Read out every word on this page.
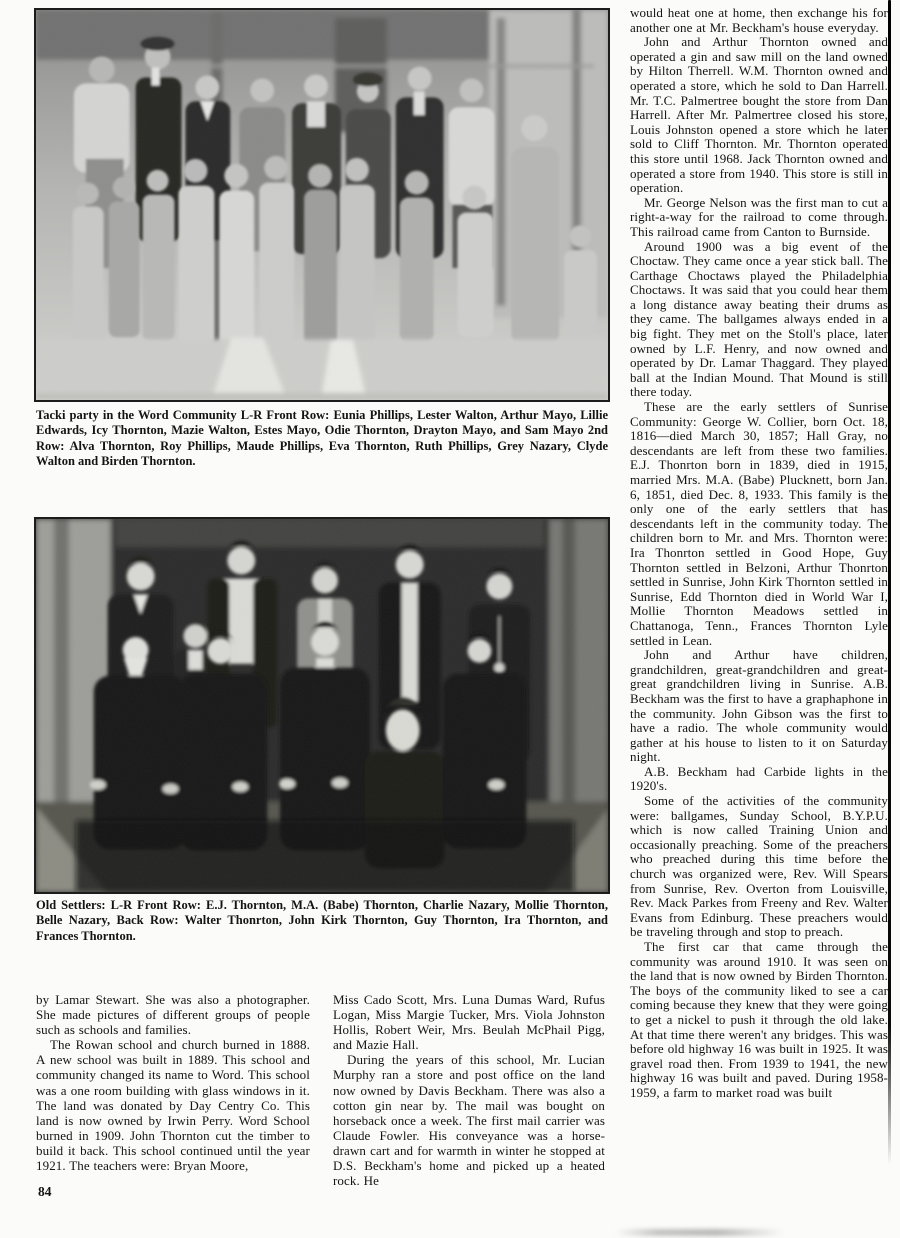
Tacki party in the Word Community L-R Front Row: Eunia Phillips, Lester Walton, Arthur Mayo, Lillie Edwards, Icy Thornton, Mazie Walton, Estes Mayo, Odie Thornton, Drayton Mayo, and Sam Mayo 2nd Row: Alva Thornton, Roy Phillips, Maude Phillips, Eva Thornton, Ruth Phillips, Grey Nazary, Clyde Walton and Birden Thornton.

Old Settlers: L-R Front Row: E.J. Thornton, M.A. (Babe) Thornton, Charlie Nazary, Mollie Thornton, Belle Nazary, Back Row: Walter Thonrton, John Kirk Thornton, Guy Thornton, Ira Thornton, and Frances Thornton.

by Lamar Stewart. She was also a photographer. She made pictures of different groups of people such as schools and families.

The Rowan school and church burned in 1888. A new school was built in 1889. This school and community changed its name to Word. This school was a one room building with glass windows in it. The land was donated by Day Centry Co. This land is now owned by Irwin Perry. Word School burned in 1909. John Thornton cut the timber to build it back. This school continued until the year 1921. The teachers were: Bryan Moore,

Miss Cado Scott, Mrs. Luna Dumas Ward, Rufus Logan, Miss Margie Tucker, Mrs. Viola Johnston Hollis, Robert Weir, Mrs. Beulah McPhail Pigg, and Mazie Hall.

During the years of this school, Mr. Lucian Murphy ran a store and post office on the land now owned by Davis Beckham. There was also a cotton gin near by. The mail was bought on horseback once a week. The first mail carrier was Claude Fowler. His conveyance was a horse-drawn cart and for warmth in winter he stopped at D.S. Beckham's home and picked up a heated rock. He

would heat one at home, then exchange his for another one at Mr. Beckham's house everyday.

John and Arthur Thornton owned and operated a gin and saw mill on the land owned by Hilton Therrell. W.M. Thornton owned and operated a store, which he sold to Dan Harrell. Mr. T.C. Palmertree bought the store from Dan Harrell. After Mr. Palmertree closed his store, Louis Johnston opened a store which he later sold to Cliff Thornton. Mr. Thornton operated this store until 1968. Jack Thornton owned and operated a store from 1940. This store is still in operation.

Mr. George Nelson was the first man to cut a right-a-way for the railroad to come through. This railroad came from Canton to Burnside.

Around 1900 was a big event of the Choctaw. They came once a year stick ball. The Carthage Choctaws played the Philadelphia Choctaws. It was said that you could hear them a long distance away beating their drums as they came. The ballgames always ended in a big fight. They met on the Stoll's place, later owned by L.F. Henry, and now owned and operated by Dr. Lamar Thaggard. They played ball at the Indian Mound. That Mound is still there today.

These are the early settlers of Sunrise Community: George W. Collier, born Oct. 18, 1816—died March 30, 1857; Hall Gray, no descendants are left from these two families. E.J. Thonrton born in 1839, died in 1915, married Mrs. M.A. (Babe) Plucknett, born Jan. 6, 1851, died Dec. 8, 1933. This family is the only one of the early settlers that has descendants left in the community today. The children born to Mr. and Mrs. Thornton were: Ira Thonrton settled in Good Hope, Guy Thornton settled in Belzoni, Arthur Thonrton settled in Sunrise, John Kirk Thornton settled in Sunrise, Edd Thornton died in World War I, Mollie Thornton Meadows settled in Chattanoga, Tenn., Frances Thornton Lyle settled in Lean.

John and Arthur have children, grandchildren, great-grandchildren and great-great grandchildren living in Sunrise. A.B. Beckham was the first to have a graphaphone in the community. John Gibson was the first to have a radio. The whole community would gather at his house to listen to it on Saturday night.

A.B. Beckham had Carbide lights in the 1920's.

Some of the activities of the community were: ballgames, Sunday School, B.Y.P.U. which is now called Training Union and occasionally preaching. Some of the preachers who preached during this time before the church was organized were, Rev. Will Spears from Sunrise, Rev. Overton from Louisville, Rev. Mack Parkes from Freeny and Rev. Walter Evans from Edinburg. These preachers would be traveling through and stop to preach.

The first car that came through the community was around 1910. It was seen on the land that is now owned by Birden Thornton. The boys of the community liked to see a car coming because they knew that they were going to get a nickel to push it through the old lake. At that time there weren't any bridges. This was before old highway 16 was built in 1925. It was gravel road then. From 1939 to 1941, the new highway 16 was built and paved. During 1958-1959, a farm to market road was built

84
